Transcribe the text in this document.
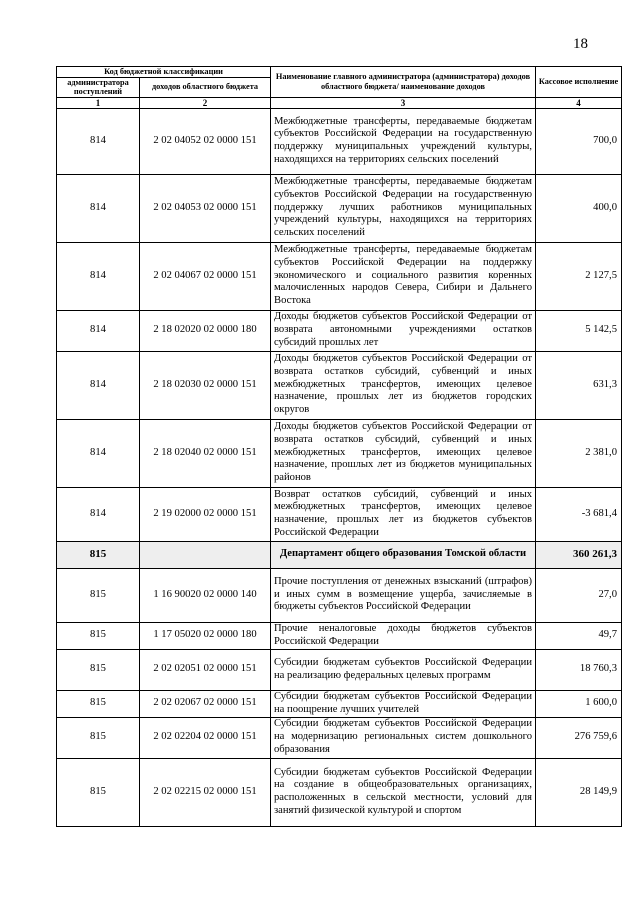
18
Код бюджетной классификации		Наименование главного администратора (администратора) доходов областного бюджета/ наименование доходов	Кассовое исполнение
администратора поступлений	доходов областного бюджета		
1	2	3	4
814	2 02 04052 02 0000 151	Межбюджетные трансферты, передаваемые бюджетам субъектов Российской Федерации на государственную поддержку муниципальных учреждений культуры, находящихся на территориях сельских поселений	700,0
814	2 02 04053 02 0000 151	Межбюджетные трансферты, передаваемые бюджетам субъектов Российской Федерации на государственную поддержку лучших работников муниципальных учреждений культуры, находящихся на территориях сельских поселений	400,0
814	2 02 04067 02 0000 151	Межбюджетные трансферты, передаваемые бюджетам субъектов Российской Федерации на поддержку экономического и социального развития коренных малочисленных народов Севера, Сибири и Дальнего Востока	2 127,5
814	2 18 02020 02 0000 180	Доходы бюджетов субъектов Российской Федерации от возврата автономными учреждениями остатков субсидий прошлых лет	5 142,5
814	2 18 02030 02 0000 151	Доходы бюджетов субъектов Российской Федерации от возврата остатков субсидий, субвенций и иных межбюджетных трансфертов, имеющих целевое назначение, прошлых лет из бюджетов городских округов	631,3
814	2 18 02040 02 0000 151	Доходы бюджетов субъектов Российской Федерации от возврата остатков субсидий, субвенций и иных межбюджетных трансфертов, имеющих целевое назначение, прошлых лет из бюджетов муниципальных районов	2 381,0
814	2 19 02000 02 0000 151	Возврат остатков субсидий, субвенций и иных межбюджетных трансфертов, имеющих целевое назначение, прошлых лет из бюджетов субъектов Российской Федерации	-3 681,4
815		Департамент общего образования Томской области	360 261,3
815	1 16 90020 02 0000 140	Прочие поступления от денежных взысканий (штрафов) и иных сумм в возмещение ущерба, зачисляемые в бюджеты субъектов Российской Федерации	27,0
815	1 17 05020 02 0000 180	Прочие неналоговые доходы бюджетов субъектов Российской Федерации	49,7
815	2 02 02051 02 0000 151	Субсидии бюджетам субъектов Российской Федерации на реализацию федеральных целевых программ	18 760,3
815	2 02 02067 02 0000 151	Субсидии бюджетам субъектов Российской Федерации на поощрение лучших учителей	1 600,0
815	2 02 02204 02 0000 151	Субсидии бюджетам субъектов Российской Федерации на модернизацию региональных систем дошкольного образования	276 759,6
815	2 02 02215 02 0000 151	Субсидии бюджетам субъектов Российской Федерации на создание в общеобразовательных организациях, расположенных в сельской местности, условий для занятий физической культурой и спортом	28 149,9
